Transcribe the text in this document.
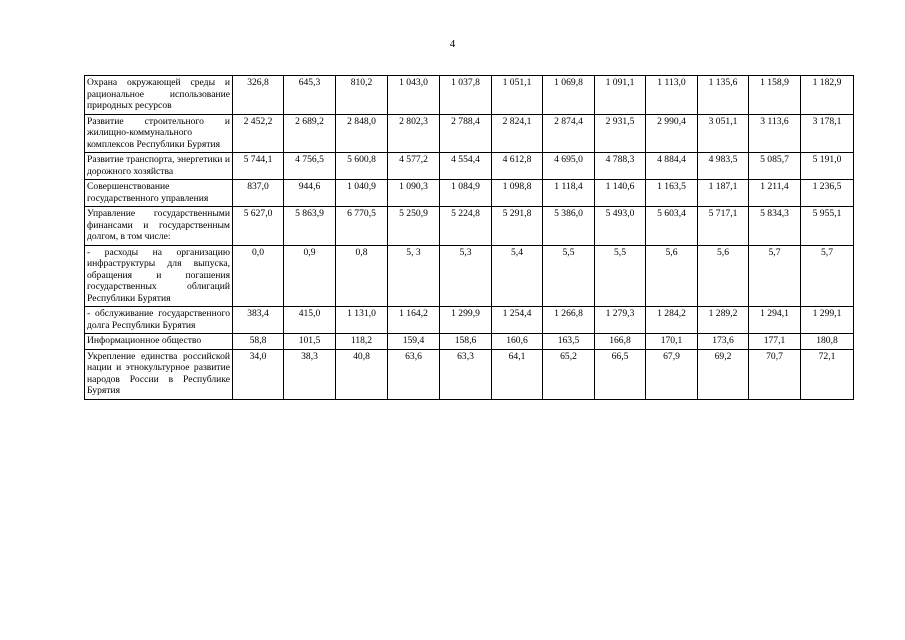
4
Охрана окружающей среды и рациональное использование природных ресурсов	326,8	645,3	810,2	1 043,0	1 037,8	1 051,1	1 069,8	1 091,1	1 113,0	1 135,6	1 158,9	1 182,9
Развитие строительного и жилищно-коммунального комплексов Республики Бурятия	2 452,2	2 689,2	2 848,0	2 802,3	2 788,4	2 824,1	2 874,4	2 931,5	2 990,4	3 051,1	3 113,6	3 178,1
Развитие транспорта, энергетики и дорожного хозяйства	5 744,1	4 756,5	5 600,8	4 577,2	4 554,4	4 612,8	4 695,0	4 788,3	4 884,4	4 983,5	5 085,7	5 191,0
Совершенствование государственного управления	837,0	944,6	1 040,9	1 090,3	1 084,9	1 098,8	1 118,4	1 140,6	1 163,5	1 187,1	1 211,4	1 236,5
Управление государственными финансами и государственным долгом, в том числе:	5 627,0	5 863,9	6 770,5	5 250,9	5 224,8	5 291,8	5 386,0	5 493,0	5 603,4	5 717,1	5 834,3	5 955,1
- расходы на организацию инфраструктуры для выпуска, обращения и погашения государственных облигаций Республики Бурятия	0,0	0,9	0,8	5, 3	5,3	5,4	5,5	5,5	5,6	5,6	5,7	5,7
- обслуживание государственного долга Республики Бурятия	383,4	415,0	1 131,0	1 164,2	1 299,9	1 254,4	1 266,8	1 279,3	1 284,2	1 289,2	1 294,1	1 299,1
Информационное общество	58,8	101,5	118,2	159,4	158,6	160,6	163,5	166,8	170,1	173,6	177,1	180,8
Укрепление единства российской нации и этнокультурное развитие народов России в Республике Бурятия	34,0	38,3	40,8	63,6	63,3	64,1	65,2	66,5	67,9	69,2	70,7	72,1
